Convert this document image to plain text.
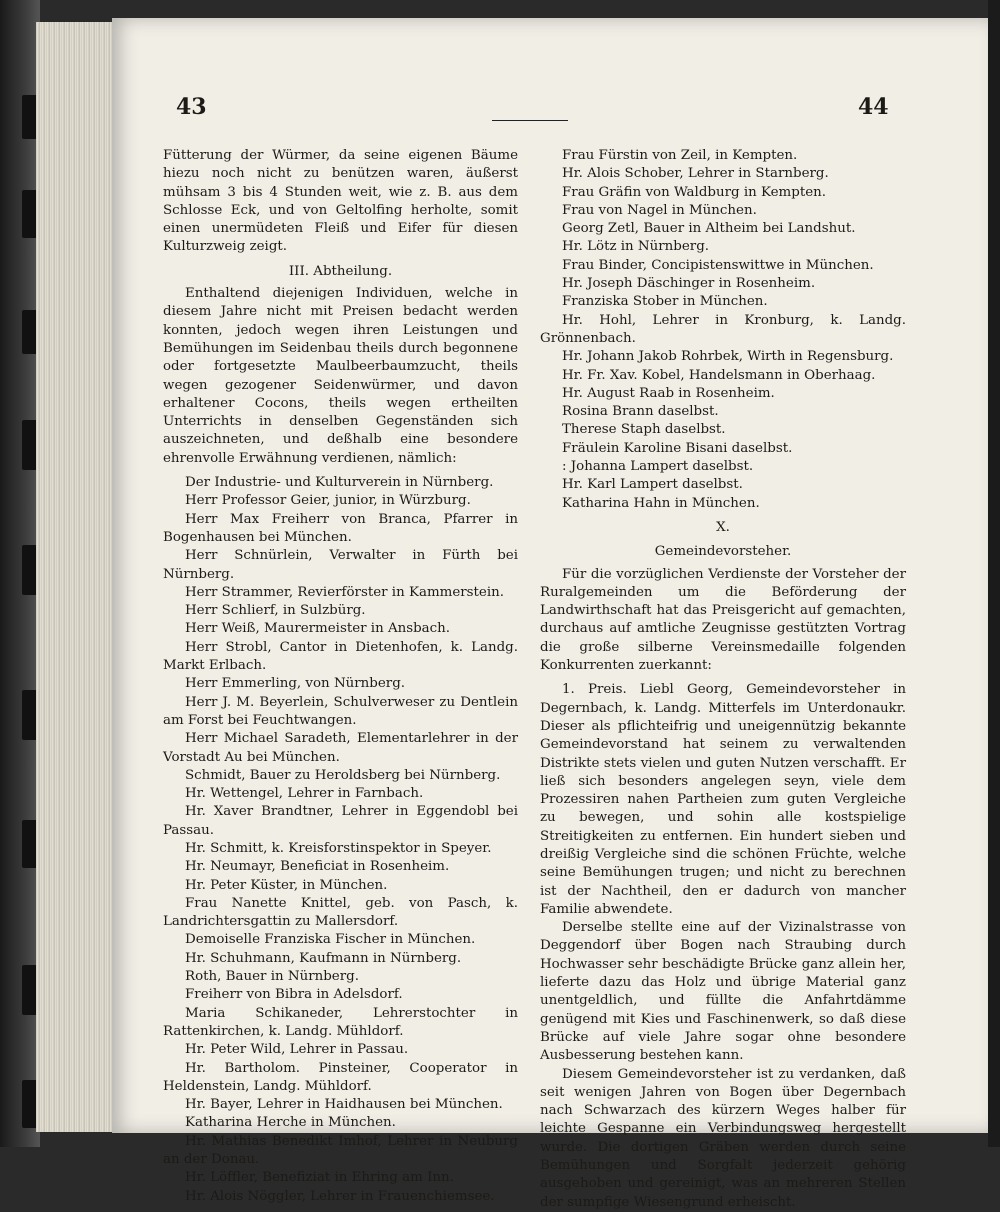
43	44

Fütterung der Würmer, da seine eigenen Bäume hiezu noch nicht zu benützen waren, äußerst mühsam 3 bis 4 Stunden weit, wie z. B. aus dem Schlosse Eck, und von Geltolfing herholte, somit einen unermüdeten Fleiß und Eifer für diesen Kulturzweig zeigt.

III. Abtheilung.

Enthaltend diejenigen Individuen, welche in diesem Jahre nicht mit Preisen bedacht werden konnten, jedoch wegen ihren Leistungen und Bemühungen im Seidenbau theils durch begonnene oder fortgesetzte Maulbeerbaumzucht, theils wegen gezogener Seidenwürmer, und davon erhaltener Cocons, theils wegen ertheilten Unterrichts in denselben Gegenständen sich auszeichneten, und deßhalb eine besondere ehrenvolle Erwähnung verdienen, nämlich:

Der Industrie- und Kulturverein in Nürnberg.

Herr Professor Geier, junior, in Würzburg.

Herr Max Freiherr von Branca, Pfarrer in Bogenhausen bei München.

Herr Schnürlein, Verwalter in Fürth bei Nürnberg.

Herr Strammer, Revierförster in Kammerstein.

Herr Schlierf, in Sulzbürg.

Herr Weiß, Maurermeister in Ansbach.

Herr Strobl, Cantor in Dietenhofen, k. Landg. Markt Erlbach.

Herr Emmerling, von Nürnberg.

Herr J. M. Beyerlein, Schulverweser zu Dentlein am Forst bei Feuchtwangen.

Herr Michael Saradeth, Elementarlehrer in der Vorstadt Au bei München.

Schmidt, Bauer zu Heroldsberg bei Nürnberg.

Hr. Wettengel, Lehrer in Farnbach.

Hr. Xaver Brandtner, Lehrer in Eggendobl bei Passau.

Hr. Schmitt, k. Kreisforstinspektor in Speyer.

Hr. Neumayr, Beneficiat in Rosenheim.

Hr. Peter Küster, in München.

Frau Nanette Knittel, geb. von Pasch, k. Landrichtersgattin zu Mallersdorf.

Demoiselle Franziska Fischer in München.

Hr. Schuhmann, Kaufmann in Nürnberg.

Roth, Bauer in Nürnberg.

Freiherr von Bibra in Adelsdorf.

Maria Schikaneder, Lehrerstochter in Rattenkirchen, k. Landg. Mühldorf.

Hr. Peter Wild, Lehrer in Passau.

Hr. Bartholom. Pinsteiner, Cooperator in Heldenstein, Landg. Mühldorf.

Hr. Bayer, Lehrer in Haidhausen bei München.

Katharina Herche in München.

Hr. Mathias Benedikt Imhof, Lehrer in Neuburg an der Donau.

Hr. Löffler, Benefiziat in Ehring am Inn.

Hr. Alois Nöggler, Lehrer in Frauenchiemsee.

Frau Fürstin von Zeil, in Kempten.

Hr. Alois Schober, Lehrer in Starnberg.

Frau Gräfin von Waldburg in Kempten.

Frau von Nagel in München.

Georg Zetl, Bauer in Altheim bei Landshut.

Hr. Lötz in Nürnberg.

Frau Binder, Concipistenswittwe in München.

Hr. Joseph Däschinger in Rosenheim.

Franziska Stober in München.

Hr. Hohl, Lehrer in Kronburg, k. Landg. Grönnenbach.

Hr. Johann Jakob Rohrbek, Wirth in Regensburg.

Hr. Fr. Xav. Kobel, Handelsmann in Oberhaag.

Hr. August Raab in Rosenheim.

Rosina Brann daselbst.

Therese Staph daselbst.

Fräulein Karoline Bisani daselbst.

: Johanna Lampert daselbst.

Hr. Karl Lampert daselbst.

Katharina Hahn in München.

X.

Gemeindevorsteher.

Für die vorzüglichen Verdienste der Vorsteher der Ruralgemeinden um die Beförderung der Landwirthschaft hat das Preisgericht auf gemachten, durchaus auf amtliche Zeugnisse gestützten Vortrag die große silberne Vereinsmedaille folgenden Konkurrenten zuerkannt:

1. Preis. Liebl Georg, Gemeindevorsteher in Degernbach, k. Landg. Mitterfels im Unterdonaukr. Dieser als pflichteifrig und uneigennützig bekannte Gemeindevorstand hat seinem zu verwaltenden Distrikte stets vielen und guten Nutzen verschafft. Er ließ sich besonders angelegen seyn, viele dem Prozessiren nahen Partheien zum guten Vergleiche zu bewegen, und sohin alle kostspielige Streitigkeiten zu entfernen. Ein hundert sieben und dreißig Vergleiche sind die schönen Früchte, welche seine Bemühungen trugen; und nicht zu berechnen ist der Nachtheil, den er dadurch von mancher Familie abwendete.

Derselbe stellte eine auf der Vizinalstrasse von Deggendorf über Bogen nach Straubing durch Hochwasser sehr beschädigte Brücke ganz allein her, lieferte dazu das Holz und übrige Material ganz unentgeldlich, und füllte die Anfahrtdämme genügend mit Kies und Faschinenwerk, so daß diese Brücke auf viele Jahre sogar ohne besondere Ausbesserung bestehen kann.

Diesem Gemeindevorsteher ist zu verdanken, daß seit wenigen Jahren von Bogen über Degernbach nach Schwarzach des kürzern Weges halber für leichte Gespanne ein Verbindungsweg hergestellt wurde. Die dortigen Gräben werden durch seine Bemühungen und Sorgfalt jederzeit gehörig ausgehoben und gereinigt, was an mehreren Stellen der sumpfige Wiesengrund erheischt.
